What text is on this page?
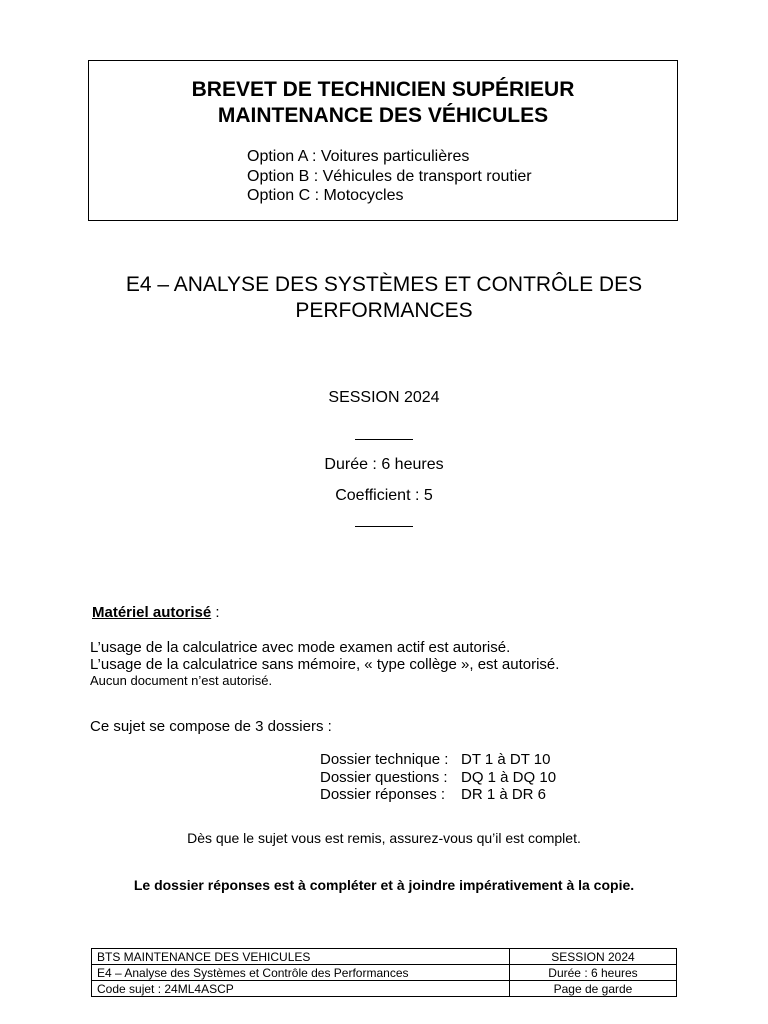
BREVET DE TECHNICIEN SUPÉRIEUR
MAINTENANCE DES VÉHICULES
Option A : Voitures particulières
Option B : Véhicules de transport routier
Option C : Motocycles
E4 – ANALYSE DES SYSTÈMES ET CONTRÔLE DES PERFORMANCES
SESSION 2024
Durée : 6 heures
Coefficient : 5
Matériel autorisé :
L’usage de la calculatrice avec mode examen actif est autorisé.
L’usage de la calculatrice sans mémoire, « type collège », est autorisé.
Aucun document n’est autorisé.
Ce sujet se compose de 3 dossiers :
Dossier technique : DT 1 à DT 10
Dossier questions : DQ 1 à DQ 10
Dossier réponses : DR 1 à DR 6
Dès que le sujet vous est remis, assurez-vous qu’il est complet.
Le dossier réponses est à compléter et à joindre impérativement à la copie.
BTS MAINTENANCE DES VEHICULES	SESSION 2024
E4 – Analyse des Systèmes et Contrôle des Performances	Durée : 6 heures
Code sujet : 24ML4ASCP	Page de garde
